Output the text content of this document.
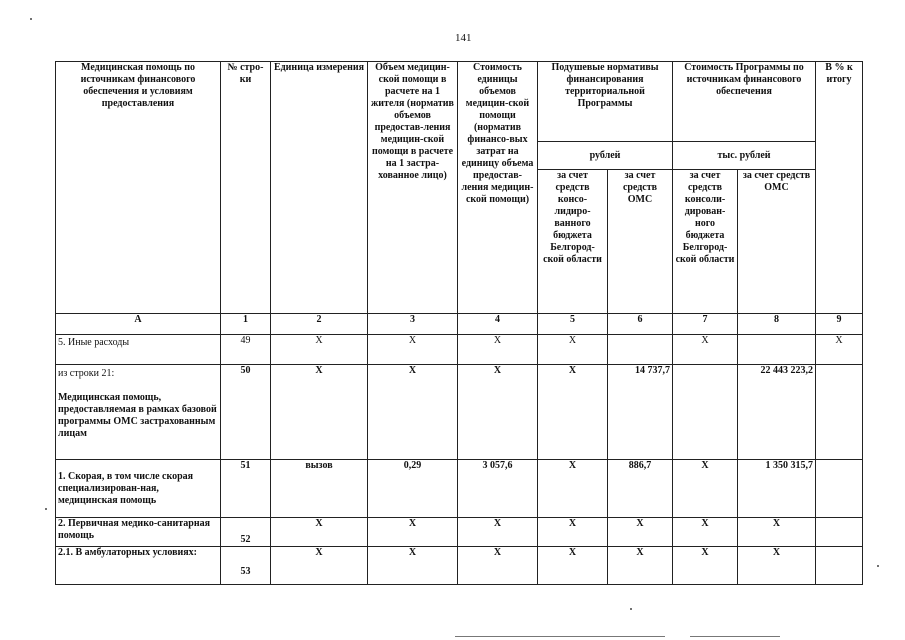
141
Медицинская помощь по источникам финансового обеспечения и условиям предоставления	№ стро-ки	Единица измерения	Объем медицин-ской помощи в расчете на 1 жителя (норматив объемов предостав-ления медицин-ской помощи в расчете на 1 застра-хованное лицо)	Стоимость единицы объемов медицин-ской помощи (норматив финансо-вых затрат на единицу объема предостав-ления медицин-ской помощи)	Подушевые нормативы финансирования территориальной Программы		Стоимость Программы по источникам финансового обеспечения		В % к итогу
					рублей		тыс. рублей		
					за счет средств консо-лидиро-ванного бюджета Белгород-ской области	за счет средств ОМС	за счет средств консоли-дирован-ного бюджета Белгород-ской области	за счет средств ОМС	
А	1	2	3	4	5	6	7	8	9
5. Иные расходы	49	Х	Х	Х	Х		Х		Х

из строки 21:
Медицинская помощь, предоставляемая в рамках базовой программы ОМС застрахованным лицам	50	Х	Х	Х	Х	14 737,7		22 443 223,2	
1. Скорая, в том числе скорая специализирован-ная, медицинская помощь	51	вызов	0,29	3 057,6	Х	886,7	Х	1 350 315,7	
2. Первичная медико-санитарная помощь	52	Х	Х	Х	Х	Х	Х	Х	
2.1. В амбулаторных условиях:	53	Х	Х	Х	Х	Х	Х	Х	
